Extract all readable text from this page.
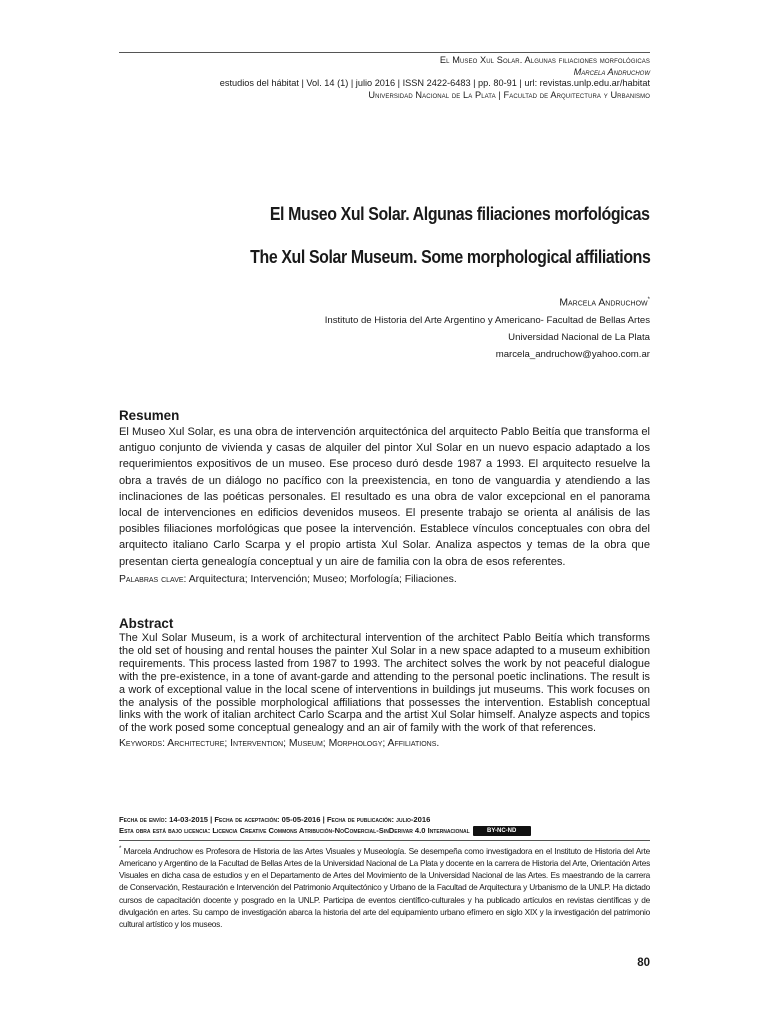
El Museo Xul Solar. Algunas filiaciones morfológicas
Marcela Andruchow
estudios del hábitat | Vol. 14 (1) | julio 2016 | ISSN 2422-6483 | pp. 80-91 | url: revistas.unlp.edu.ar/habitat
Universidad Nacional de La Plata | Facultad de Arquitectura y Urbanismo
El Museo Xul Solar. Algunas filiaciones morfológicas
The Xul Solar Museum. Some morphological affiliations
Marcela Andruchow*
Instituto de Historia del Arte Argentino y Americano- Facultad de Bellas Artes
Universidad Nacional de La Plata
marcela_andruchow@yahoo.com.ar
Resumen

El Museo Xul Solar, es una obra de intervención arquitectónica del arquitecto Pablo Beitía que transforma el antiguo conjunto de vivienda y casas de alquiler del pintor Xul Solar en un nuevo espacio adaptado a los requerimientos expositivos de un museo. Ese proceso duró desde 1987 a 1993. El arquitecto resuelve la obra a través de un diálogo no pacífico con la preexistencia, en tono de vanguardia y atendiendo a las inclinaciones de las poéticas personales. El resultado es una obra de valor excepcional en el panorama local de intervenciones en edificios devenidos museos. El presente trabajo se orienta al análisis de las posibles filiaciones morfológicas que posee la intervención. Establece vínculos conceptuales con obra del arquitecto italiano Carlo Scarpa y el propio artista Xul Solar. Analiza aspectos y temas de la obra que presentan cierta genealogía conceptual y un aire de familia con la obra de esos referentes.

Palabras clave: Arquitectura; Intervención; Museo; Morfología; Filiaciones.

Abstract

The Xul Solar Museum, is a work of architectural intervention of the architect Pablo Beitía which transforms the old set of housing and rental houses the painter Xul Solar in a new space adapted to a museum exhibition requirements. This process lasted from 1987 to 1993. The architect solves the work by not peaceful dialogue with the pre-existence, in a tone of avant-garde and attending to the personal poetic inclinations. The result is a work of exceptional value in the local scene of interventions in buildings jut museums. This work focuses on the analysis of the possible morphological affiliations that possesses the intervention. Establish conceptual links with the work of italian architect Carlo Scarpa and the artist Xul Solar himself. Analyze aspects and topics of the work posed some conceptual genealogy and an air of family with the work of that references.

Keywords: Architecture; Intervention; Museum; Morphology; Affiliations.

Fecha de envío: 14-03-2015 | Fecha de aceptación: 05-05-2016 | Fecha de publicación: julio-2016
Esta obra está bajo licencia: Licencia Creative Commons Atribución-NoComercial-SinDerivar 4.0 Internacional	BY-NC-ND
* Marcela Andruchow es Profesora de Historia de las Artes Visuales y Museología. Se desempeña como investigadora en el Instituto de Historia del Arte Americano y Argentino de la Facultad de Bellas Artes de la Universidad Nacional de La Plata y docente en la carrera de Historia del Arte, Orientación Artes Visuales en dicha casa de estudios y en el Departamento de Artes del Movimiento de la Universidad Nacional de las Artes. Es maestrando de la carrera de Conservación, Restauración e Intervención del Patrimonio Arquitectónico y Urbano de la Facultad de Arquitectura y Urbanismo de la UNLP. Ha dictado cursos de capacitación docente y posgrado en la UNLP. Participa de eventos científico-culturales y ha publicado artículos en revistas científicas y de divulgación en artes. Su campo de investigación abarca la historia del arte del equipamiento urbano efímero en siglo XIX y la investigación del patrimonio cultural artístico y los museos.
80
